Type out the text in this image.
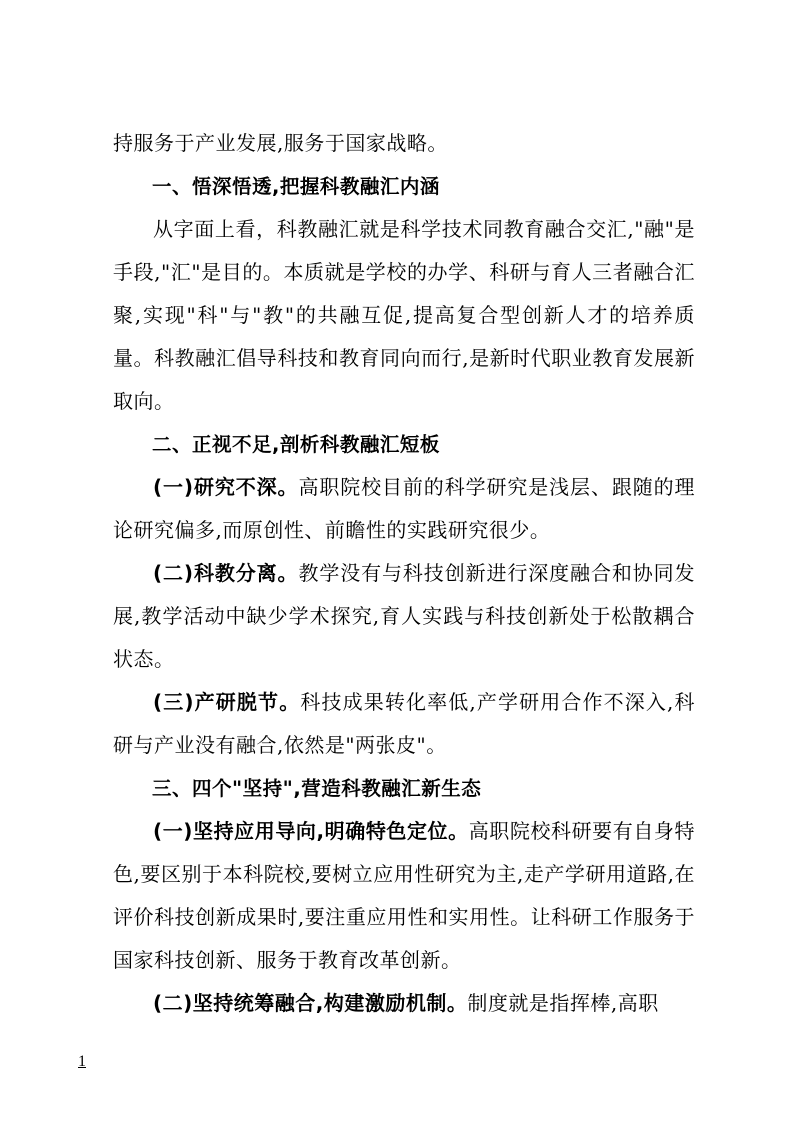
持服务于产业发展,服务于国家战略。

一、悟深悟透,把握科教融汇内涵

从字面上看，科教融汇就是科学技术同教育融合交汇,"融"是手段,"汇"是目的。本质就是学校的办学、科研与育人三者融合汇聚,实现"科"与"教"的共融互促,提高复合型创新人才的培养质量。科教融汇倡导科技和教育同向而行,是新时代职业教育发展新取向。

二、正视不足,剖析科教融汇短板

(一)研究不深。高职院校目前的科学研究是浅层、跟随的理论研究偏多,而原创性、前瞻性的实践研究很少。

(二)科教分离。教学没有与科技创新进行深度融合和协同发展,教学活动中缺少学术探究,育人实践与科技创新处于松散耦合状态。

(三)产研脱节。科技成果转化率低,产学研用合作不深入,科研与产业没有融合,依然是"两张皮"。

三、四个"坚持",营造科教融汇新生态

(一)坚持应用导向,明确特色定位。高职院校科研要有自身特色,要区别于本科院校,要树立应用性研究为主,走产学研用道路,在评价科技创新成果时,要注重应用性和实用性。让科研工作服务于国家科技创新、服务于教育改革创新。

(二)坚持统筹融合,构建激励机制。制度就是指挥棒,高职

1
